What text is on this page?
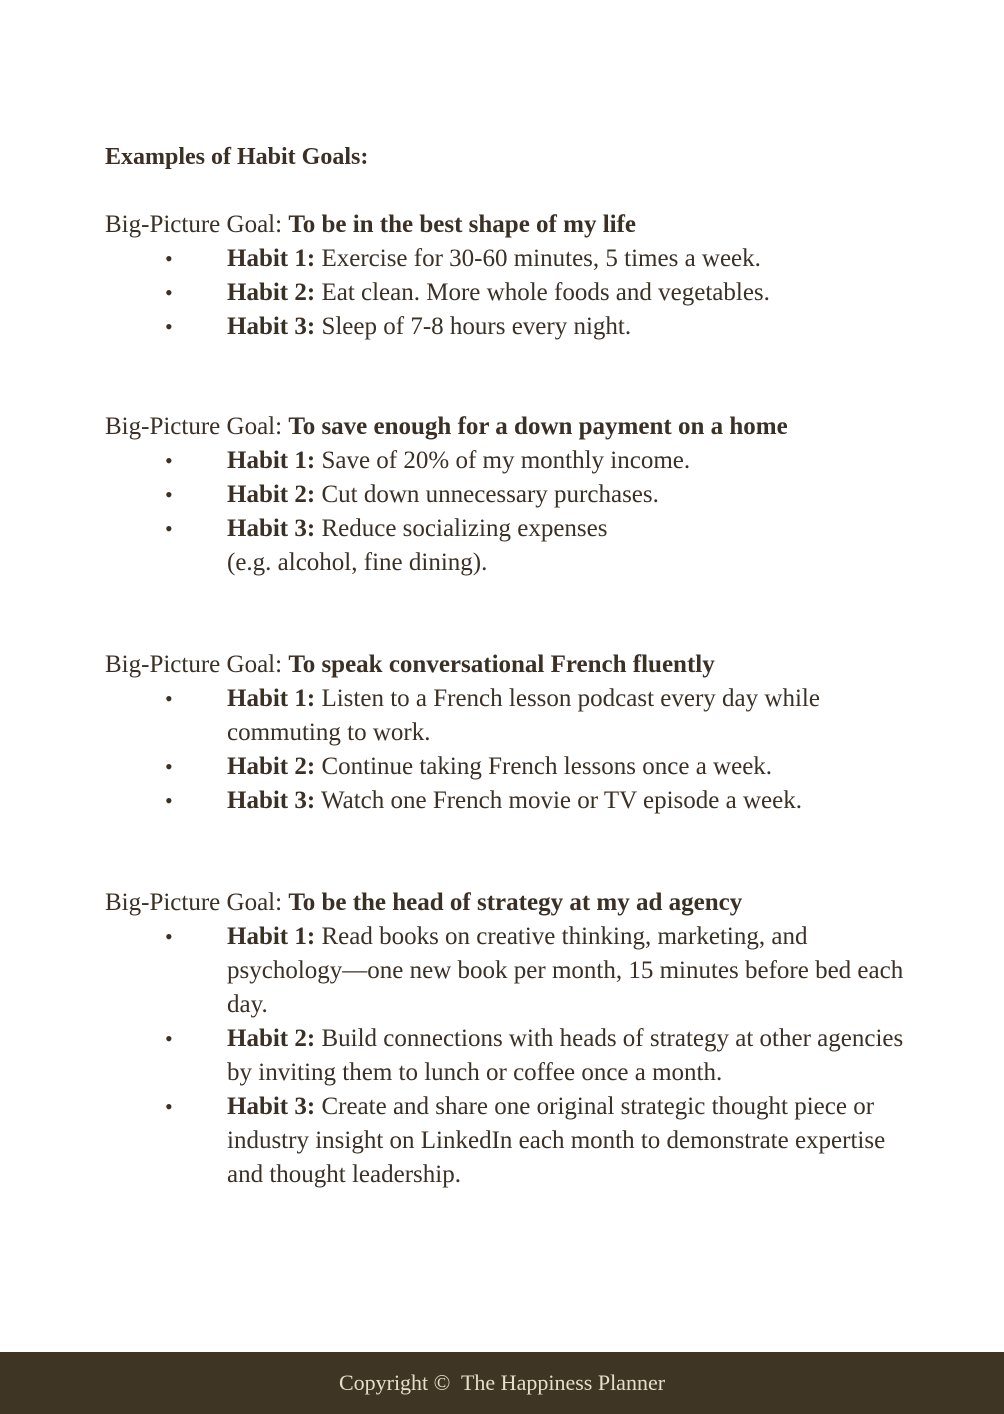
Examples of Habit Goals:

Big-Picture Goal: To be in the best shape of my life

• Habit 1: Exercise for 30-60 minutes, 5 times a week.
• Habit 2: Eat clean. More whole foods and vegetables.
• Habit 3: Sleep of 7-8 hours every night.

Big-Picture Goal: To save enough for a down payment on a home

• Habit 1: Save of 20% of my monthly income.
• Habit 2: Cut down unnecessary purchases.
• Habit 3: Reduce socializing expenses (e.g. alcohol, fine dining).

Big-Picture Goal: To speak conversational French fluently

• Habit 1: Listen to a French lesson podcast every day while commuting to work.
• Habit 2: Continue taking French lessons once a week.
• Habit 3: Watch one French movie or TV episode a week.

Big-Picture Goal: To be the head of strategy at my ad agency

• Habit 1: Read books on creative thinking, marketing, and psychology—one new book per month, 15 minutes before bed each day.
• Habit 2: Build connections with heads of strategy at other agencies by inviting them to lunch or coffee once a month.
• Habit 3: Create and share one original strategic thought piece or industry insight on LinkedIn each month to demonstrate expertise and thought leadership.
Copyright ©  The Happiness Planner
